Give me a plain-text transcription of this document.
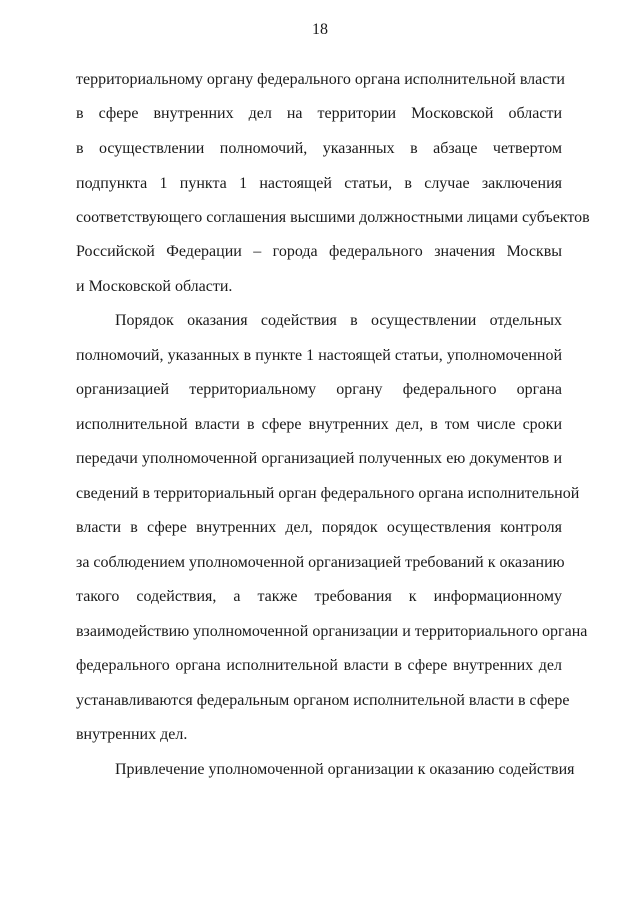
18
территориальному органу федерального органа исполнительной власти
в сфере внутренних дел на территории Московской области
в осуществлении полномочий, указанных в абзаце четвертом
подпункта 1 пункта 1 настоящей статьи, в случае заключения
соответствующего соглашения высшими должностными лицами субъектов
Российской Федерации – города федерального значения Москвы
и Московской области.
Порядок оказания содействия в осуществлении отдельных
полномочий, указанных в пункте 1 настоящей статьи, уполномоченной
организацией территориальному органу федерального органа
исполнительной власти в сфере внутренних дел, в том числе сроки
передачи уполномоченной организацией полученных ею документов и
сведений в территориальный орган федерального органа исполнительной
власти в сфере внутренних дел, порядок осуществления контроля
за соблюдением уполномоченной организацией требований к оказанию
такого содействия, а также требования к информационному
взаимодействию уполномоченной организации и территориального органа
федерального органа исполнительной власти в сфере внутренних дел
устанавливаются федеральным органом исполнительной власти в сфере
внутренних дел.
Привлечение уполномоченной организации к оказанию содействия
